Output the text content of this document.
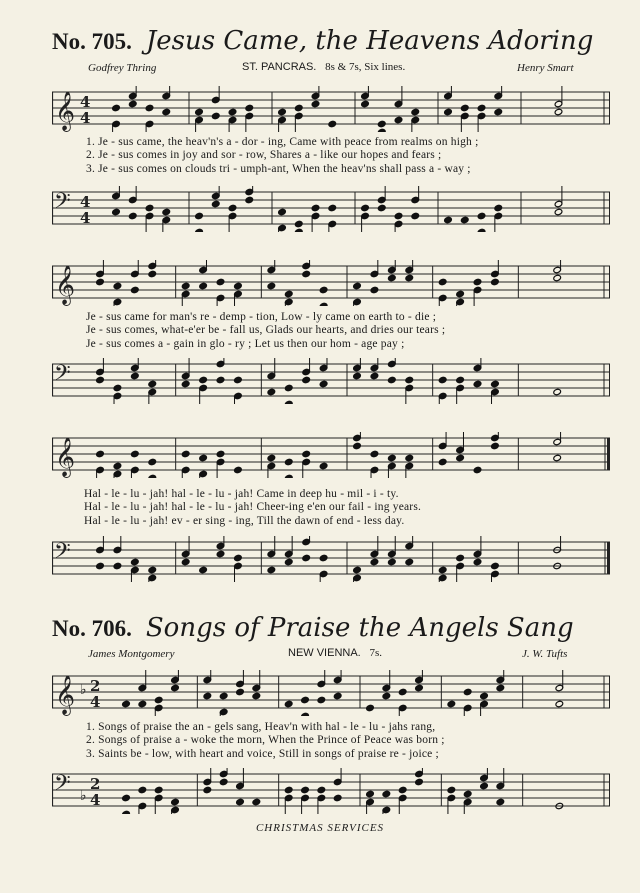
No. 705. Jesus Came, the Heavens Adoring
Godfrey Thring	ST. PANCRAS. 8s & 7s, Six lines.	Henry Smart
𝄞 4
4
1. Je - sus came, the heav'n's a - dor - ing, Came with peace from realms on high ;
2. Je - sus comes in joy and sor - row, Shares a - like our hopes and fears ;
3. Je - sus comes on clouds tri - umph-ant, When the heav'ns shall pass a - way ;
𝄢 4
4
𝄞
Je - sus came for man's re - demp - tion, Low - ly came on earth to - die ;
Je - sus comes, what-e'er be - fall us, Glads our hearts, and dries our tears ;
Je - sus comes a - gain in glo - ry ; Let us then our hom - age pay ;
𝄢
𝄞
Hal - le - lu - jah! hal - le - lu - jah! Came in deep hu - mil - i - ty.
Hal - le - lu - jah! hal - le - lu - jah! Cheer-ing e'en our fail - ing years.
Hal - le - lu - jah! ev - er sing - ing, Till the dawn of end - less day.
𝄢
No. 706. Songs of Praise the Angels Sang
James Montgomery	NEW VIENNA. 7s.	J. W. Tufts
𝄞 ♭ 2
4
1. Songs of praise the an - gels sang, Heav'n with hal - le - lu - jahs rang,
2. Songs of praise a - woke the morn, When the Prince of Peace was born ;
3. Saints be - low, with heart and voice, Still in songs of praise re - joice ;
𝄢 ♭
2
4
CHRISTMAS SERVICES
